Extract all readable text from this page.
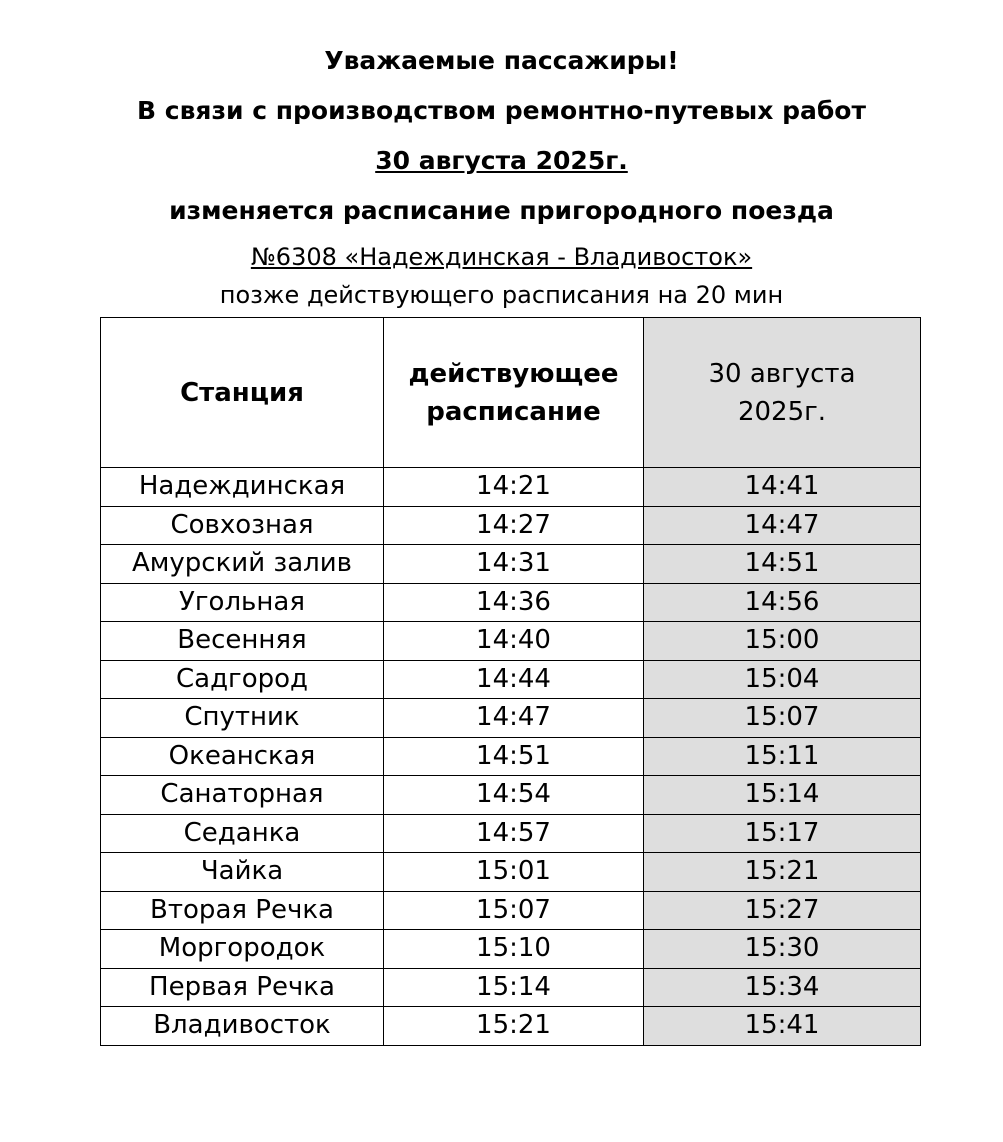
Уважаемые пассажиры!

В связи с производством ремонтно-путевых работ

30 августа 2025г.

изменяется расписание пригородного поезда

№6308 «Надеждинская - Владивосток»

позже действующего расписания на 20 мин

Станция	действующее расписание	30 августа 2025г.
Надеждинская	14:21	14:41
Совхозная	14:27	14:47
Амурский залив	14:31	14:51
Угольная	14:36	14:56
Весенняя	14:40	15:00
Садгород	14:44	15:04
Спутник	14:47	15:07
Океанская	14:51	15:11
Санаторная	14:54	15:14
Седанка	14:57	15:17
Чайка	15:01	15:21
Вторая Речка	15:07	15:27
Моргородок	15:10	15:30
Первая Речка	15:14	15:34
Владивосток	15:21	15:41
